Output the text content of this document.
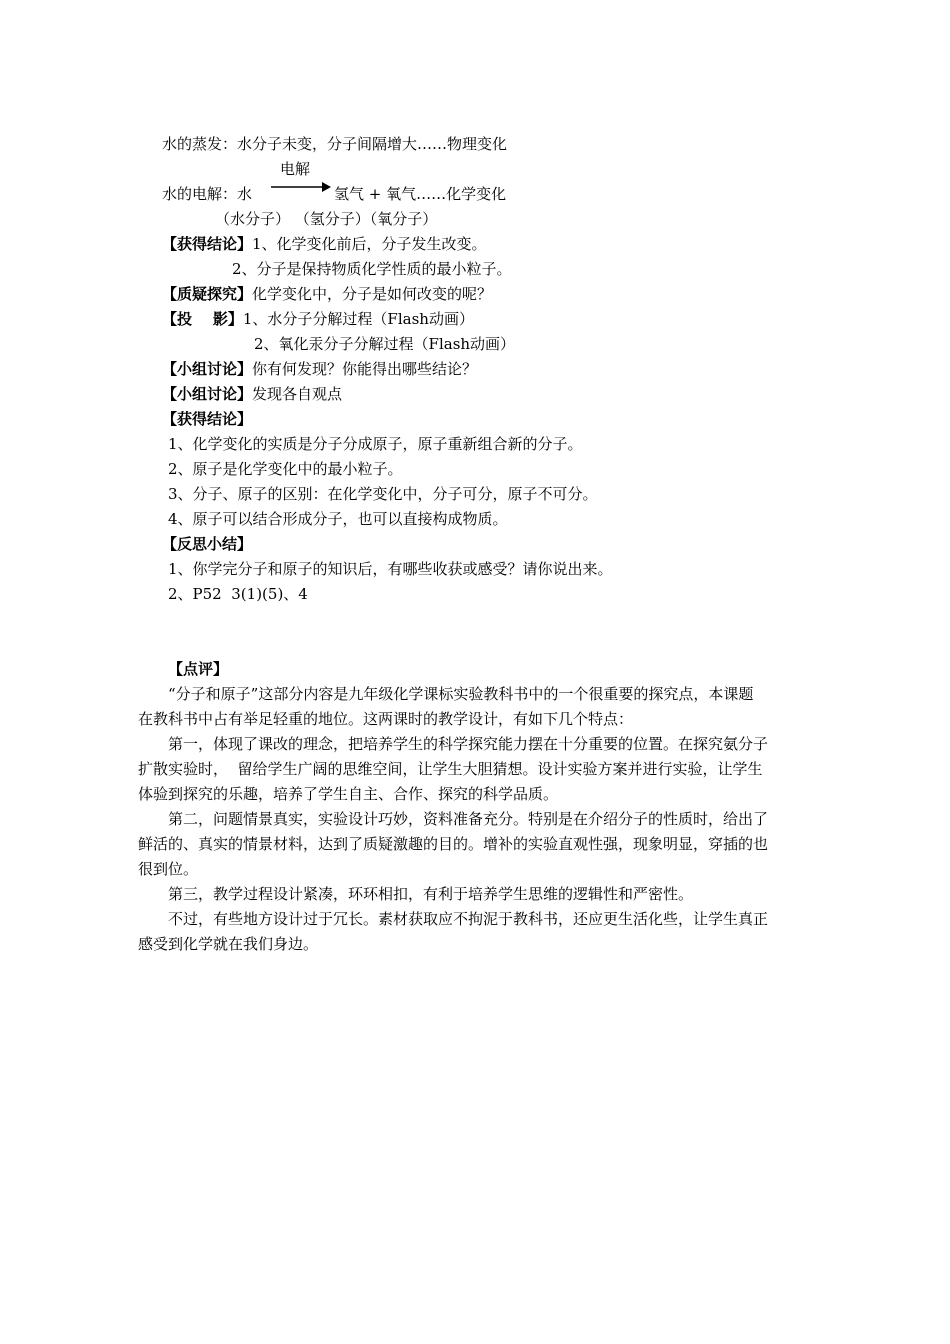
水的蒸发：水分子未变，分子间隔增大……物理变化
电解
水的电解：水	氢气 + 氧气……化学变化
（水分子） （氢分子）（氧分子）
【获得结论】1、化学变化前后，分子发生改变。
2、分子是保持物质化学性质的最小粒子。
【质疑探究】化学变化中，分子是如何改变的呢？
【投    影】1、水分子分解过程（Flash动画）
2、氧化汞分子分解过程（Flash动画）
【小组讨论】你有何发现？你能得出哪些结论？
【小组讨论】发现各自观点
【获得结论】
1、化学变化的实质是分子分成原子，原子重新组合新的分子。
2、原子是化学变化中的最小粒子。
3、分子、原子的区别：在化学变化中，分子可分，原子不可分。
4、原子可以结合形成分子，也可以直接构成物质。
【反思小结】
1、你学完分子和原子的知识后，有哪些收获或感受？请你说出来。
2、P52  3(1)(5)、4
【点评】
“分子和原子”这部分内容是九年级化学课标实验教科书中的一个很重要的探究点，本课题
在教科书中占有举足轻重的地位。这两课时的教学设计，有如下几个特点：
第一，体现了课改的理念，把培养学生的科学探究能力摆在十分重要的位置。在探究氨分子
扩散实验时，  留给学生广阔的思维空间，让学生大胆猜想。设计实验方案并进行实验，让学生
体验到探究的乐趣，培养了学生自主、合作、探究的科学品质。
第二，问题情景真实，实验设计巧妙，资料准备充分。特别是在介绍分子的性质时，给出了
鲜活的、真实的情景材料，达到了质疑激趣的目的。增补的实验直观性强，现象明显，穿插的也
很到位。
第三，教学过程设计紧凑，环环相扣，有利于培养学生思维的逻辑性和严密性。
不过，有些地方设计过于冗长。素材获取应不拘泥于教科书，还应更生活化些，让学生真正
感受到化学就在我们身边。
